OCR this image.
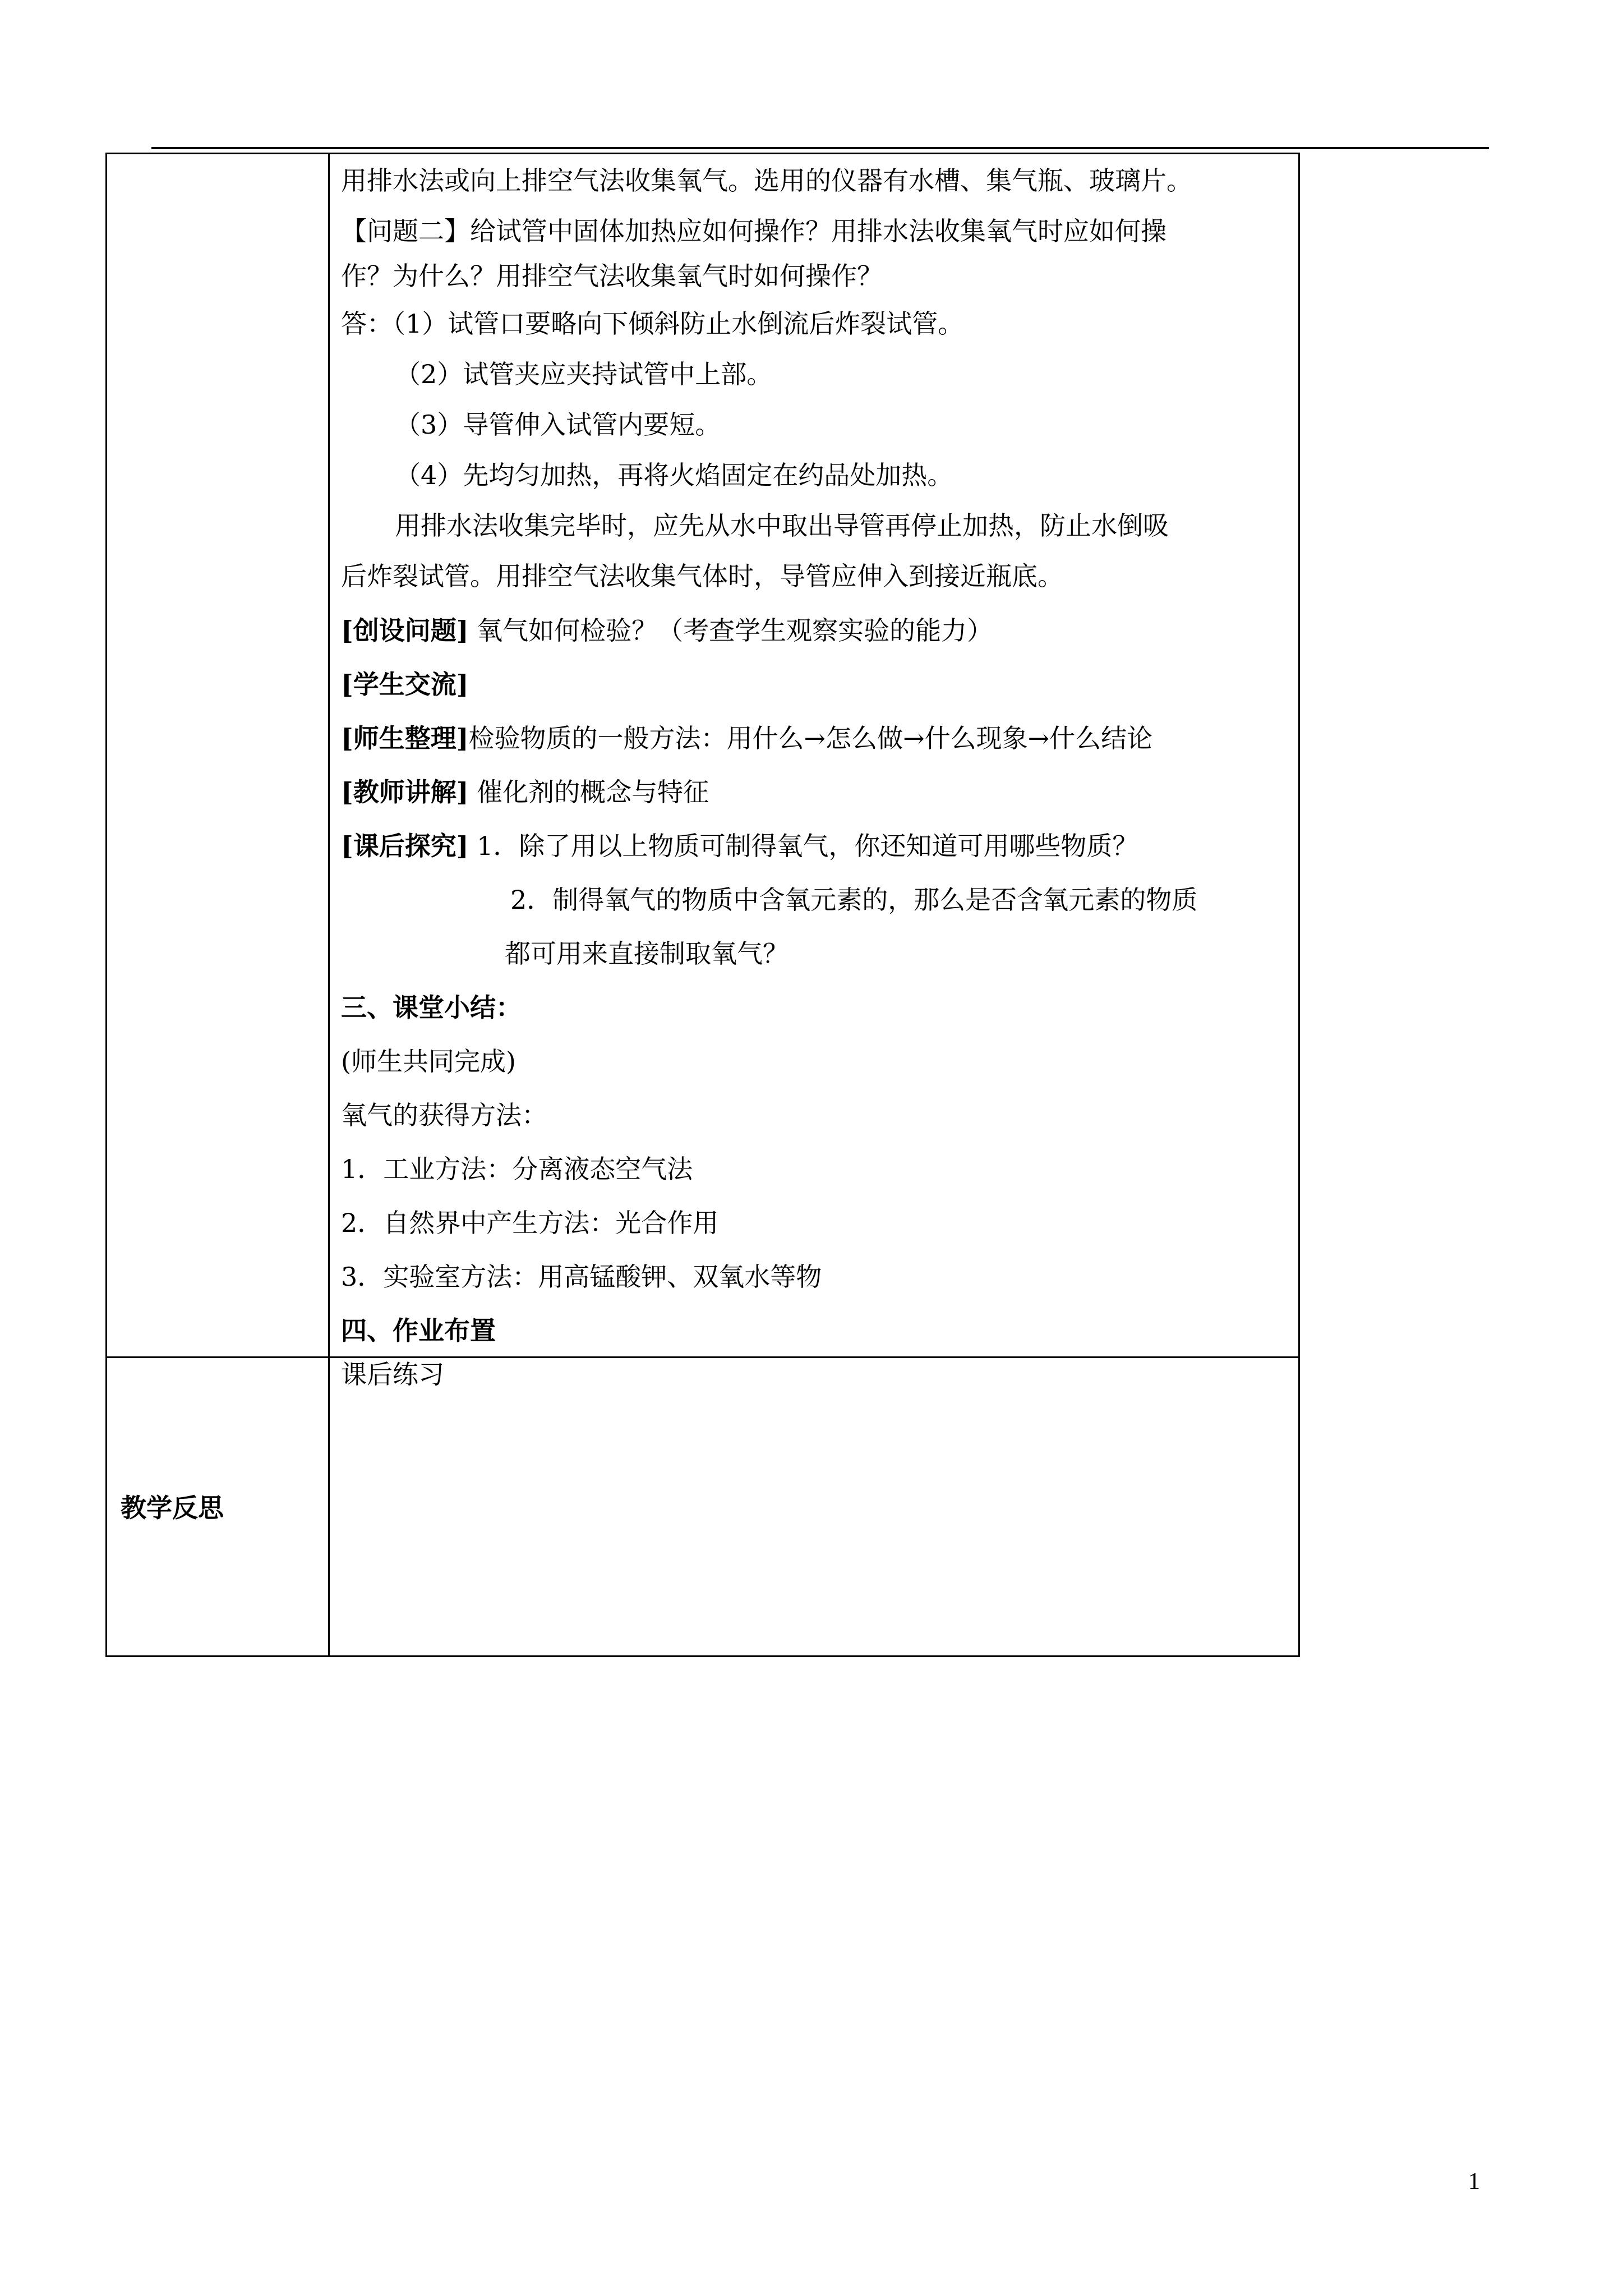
用排水法或向上排空气法收集氧气。选用的仪器有水槽、集气瓶、玻璃片。

【问题二】给试管中固体加热应如何操作？用排水法收集氧气时应如何操

作？为什么？用排空气法收集氧气时如何操作？

答：（1）试管口要略向下倾斜防止水倒流后炸裂试管。

（2）试管夹应夹持试管中上部。

（3）导管伸入试管内要短。

（4）先均匀加热，再将火焰固定在约品处加热。

用排水法收集完毕时，应先从水中取出导管再停止加热，防止水倒吸

后炸裂试管。用排空气法收集气体时，导管应伸入到接近瓶底。

[创设问题] 氧气如何检验？（考查学生观察实验的能力）

[学生交流]

[师生整理]检验物质的一般方法：用什么→怎么做→什么现象→什么结论

[教师讲解] 催化剂的概念与特征

[课后探究] 1．除了用以上物质可制得氧气，你还知道可用哪些物质？

2．制得氧气的物质中含氧元素的，那么是否含氧元素的物质

都可用来直接制取氧气？

三、课堂小结：

(师生共同完成)

氧气的获得方法：

1．工业方法：分离液态空气法

2．自然界中产生方法：光合作用

3．实验室方法：用高锰酸钾、双氧水等物

四、作业布置

课后练习

教学反思
1
